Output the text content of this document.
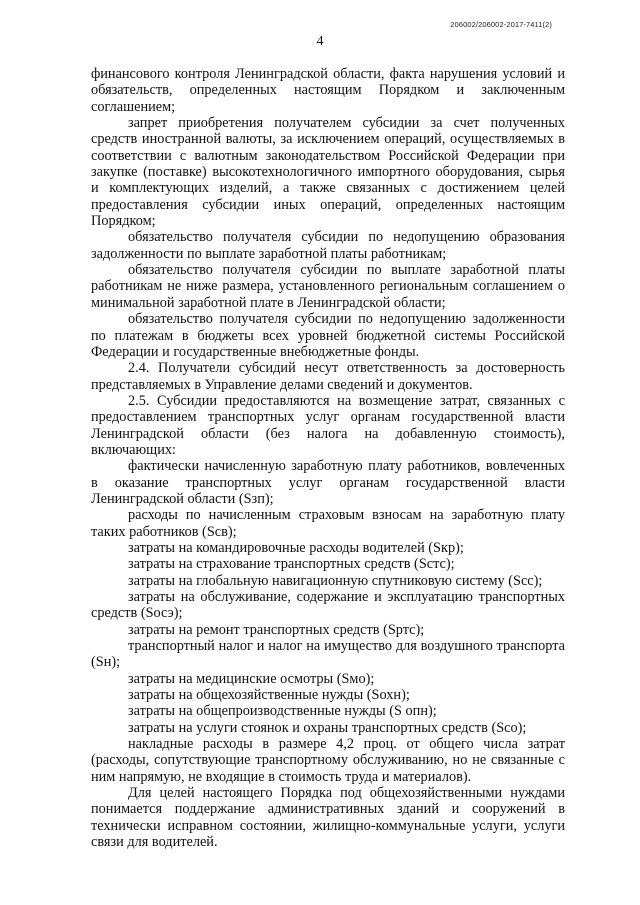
206002/206002-2017-7411(2)
4

финансового контроля Ленинградской области, факта нарушения условий и обязательств, определенных настоящим Порядком и заключенным соглашением;

запрет приобретения получателем субсидии за счет полученных средств иностранной валюты, за исключением операций, осуществляемых в соответствии с валютным законодательством Российской Федерации при закупке (поставке) высокотехнологичного импортного оборудования, сырья и комплектующих изделий, а также связанных с достижением целей предоставления субсидии иных операций, определенных настоящим Порядком;

обязательство получателя субсидии по недопущению образования задолженности по выплате заработной платы работникам;

обязательство получателя субсидии по выплате заработной платы работникам не ниже размера, установленного региональным соглашением о минимальной заработной плате в Ленинградской области;

обязательство получателя субсидии по недопущению задолженности по платежам в бюджеты всех уровней бюджетной системы Российской Федерации и государственные внебюджетные фонды.

2.4. Получатели субсидий несут ответственность за достоверность представляемых в Управление делами сведений и документов.

2.5. Субсидии предоставляются на возмещение затрат, связанных с предоставлением транспортных услуг органам государственной власти Ленинградской области (без налога на добавленную стоимость), включающих:

фактически начисленную заработную плату работников, вовлеченных в оказание транспортных услуг органам государственной власти Ленинградской области (Sзп);

расходы по начисленным страховым взносам на заработную плату таких работников (Sсв);

затраты на командировочные расходы водителей (Sкр);

затраты на страхование транспортных средств (Sстс);

затраты на глобальную навигационную спутниковую систему (Sсс);

затраты на обслуживание, содержание и эксплуатацию транспортных средств (Sосэ);

затраты на ремонт транспортных средств (Sртс);

транспортный налог и налог на имущество для воздушного транспорта (Sн);

затраты на медицинские осмотры (Sмо);

затраты на общехозяйственные нужды (Sохн);

затраты на общепроизводственные нужды (S опн);

затраты на услуги стоянок и охраны транспортных средств (Sсо);

накладные расходы в размере 4,2 проц. от общего числа затрат (расходы, сопутствующие транспортному обслуживанию, но не связанные с ним напрямую, не входящие в стоимость труда и материалов).

Для целей настоящего Порядка под общехозяйственными нуждами понимается поддержание административных зданий и сооружений в технически исправном состоянии, жилищно-коммунальные услуги, услуги связи для водителей.
